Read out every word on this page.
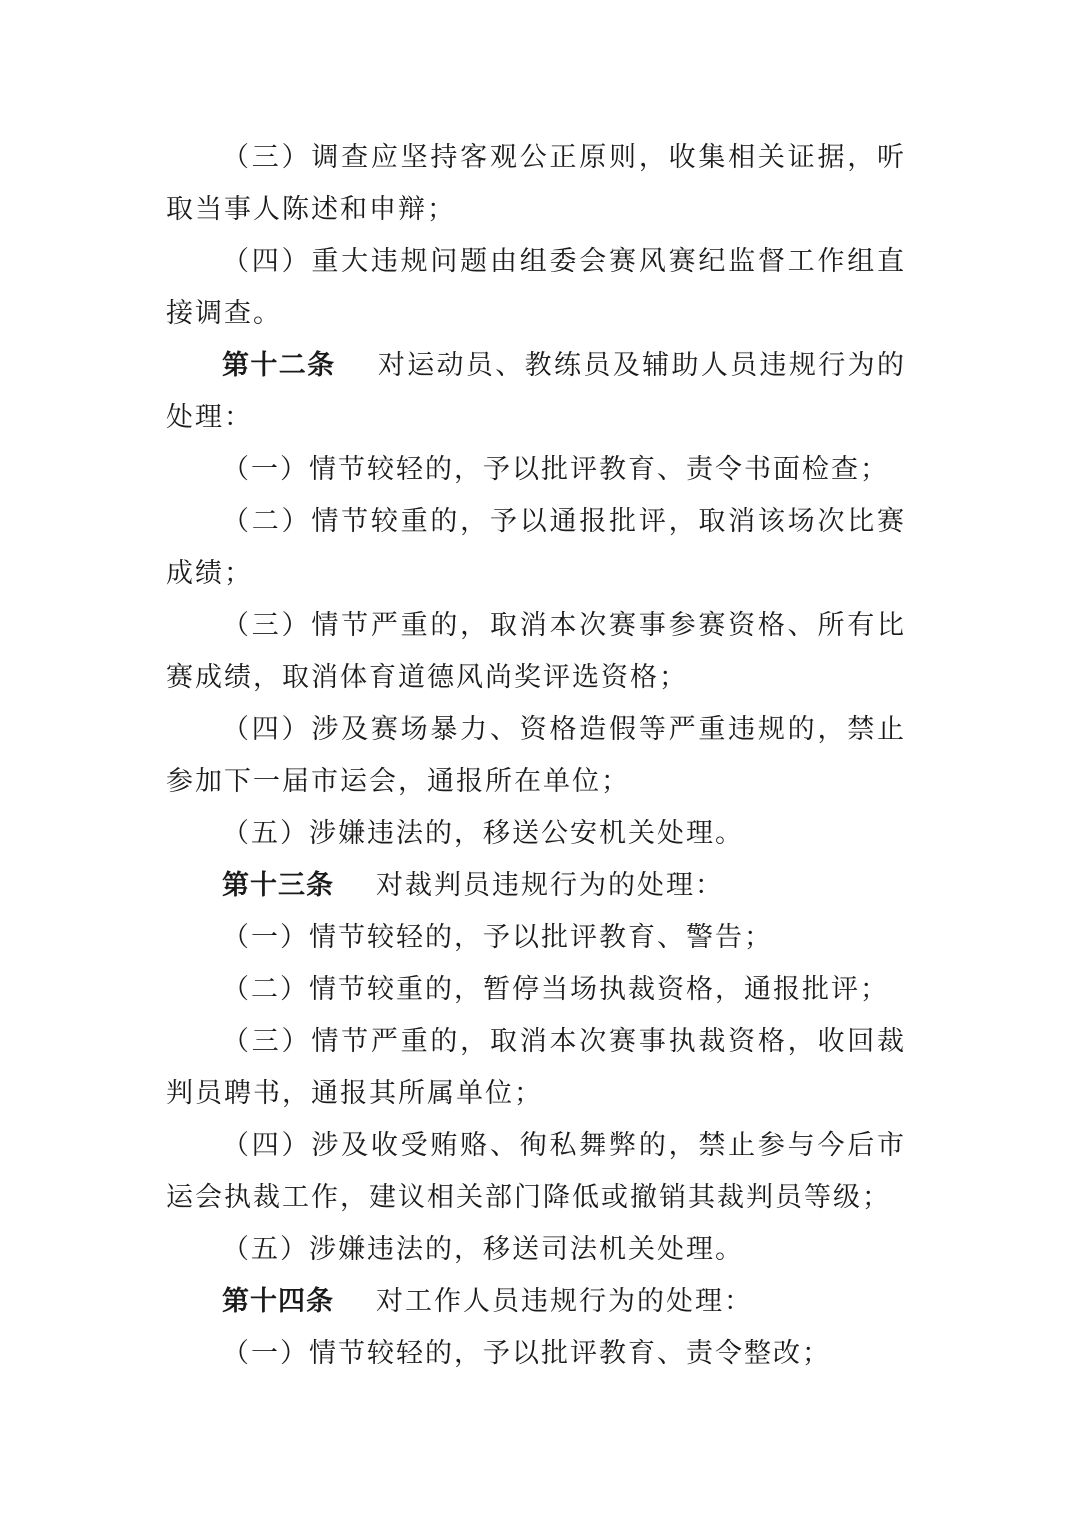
（三）调查应坚持客观公正原则，收集相关证据，听取当事人陈述和申辩；

（四）重大违规问题由组委会赛风赛纪监督工作组直接调查。

第十二条 对运动员、教练员及辅助人员违规行为的处理：

（一）情节较轻的，予以批评教育、责令书面检查；

（二）情节较重的，予以通报批评，取消该场次比赛成绩；

（三）情节严重的，取消本次赛事参赛资格、所有比赛成绩，取消体育道德风尚奖评选资格；

（四）涉及赛场暴力、资格造假等严重违规的，禁止参加下一届市运会，通报所在单位；

（五）涉嫌违法的，移送公安机关处理。

第十三条 对裁判员违规行为的处理：

（一）情节较轻的，予以批评教育、警告；

（二）情节较重的，暂停当场执裁资格，通报批评；

（三）情节严重的，取消本次赛事执裁资格，收回裁判员聘书，通报其所属单位；

（四）涉及收受贿赂、徇私舞弊的，禁止参与今后市运会执裁工作，建议相关部门降低或撤销其裁判员等级；

（五）涉嫌违法的，移送司法机关处理。

第十四条 对工作人员违规行为的处理：

（一）情节较轻的，予以批评教育、责令整改；
